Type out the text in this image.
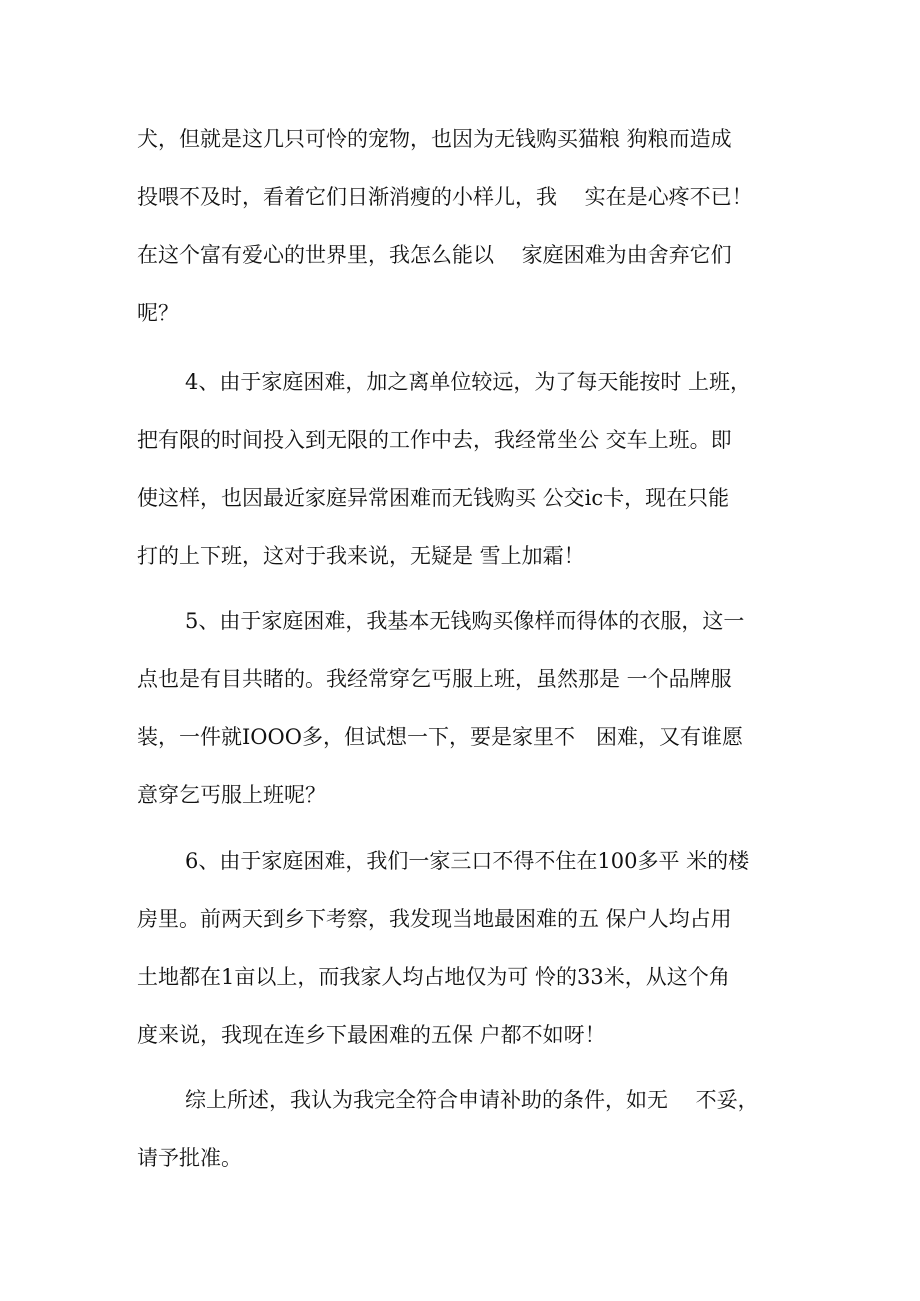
犬，但就是这几只可怜的宠物，也因为无钱购买猫粮 狗粮而造成
投喂不及时，看着它们日渐消瘦的小样儿，我　 实在是心疼不已！
在这个富有爱心的世界里，我怎么能以　 家庭困难为由舍弃它们
呢？
4、由于家庭困难，加之离单位较远，为了每天能按时 上班，
把有限的时间投入到无限的工作中去，我经常坐公 交车上班。即
使这样，也因最近家庭异常困难而无钱购买 公交ic卡，现在只能
打的上下班，这对于我来说，无疑是 雪上加霜！
5、由于家庭困难，我基本无钱购买像样而得体的衣服，这一
点也是有目共睹的。我经常穿乞丐服上班，虽然那是 一个品牌服
装，一件就IOOO多，但试想一下，要是家里不　困难，又有谁愿
意穿乞丐服上班呢？
6、由于家庭困难，我们一家三口不得不住在100多平 米的楼
房里。前两天到乡下考察，我发现当地最困难的五 保户人均占用
土地都在1亩以上，而我家人均占地仅为可 怜的33米，从这个角
度来说，我现在连乡下最困难的五保 户都不如呀！
综上所述，我认为我完全符合申请补助的条件，如无　 不妥，
请予批准。
